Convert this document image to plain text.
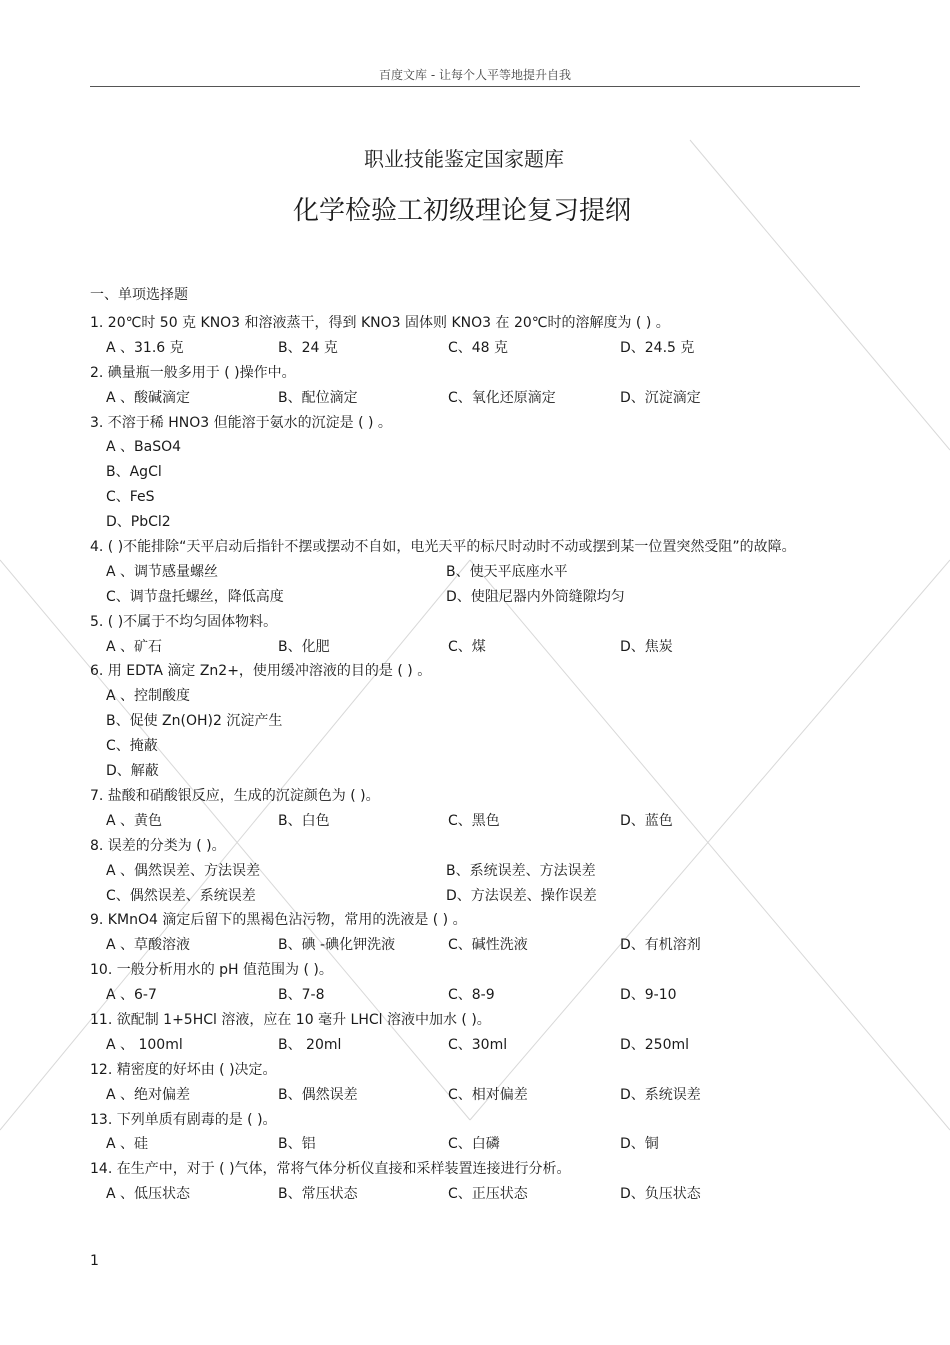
百度文库 - 让每个人平等地提升自我
职业技能鉴定国家题库
化学检验工初级理论复习提纲
一、单项选择题
1. 20℃时 50 克 KNO3 和溶液蒸干，得到 KNO3 固体则 KNO3 在 20℃时的溶解度为 ( ) 。
A 、31.6 克	B、24 克	C、48 克	D、24.5 克
2. 碘量瓶一般多用于 ( )操作中。
A 、酸碱滴定	B、配位滴定	C、氧化还原滴定	D、沉淀滴定
3. 不溶于稀 HNO3 但能溶于氨水的沉淀是 ( ) 。
A 、BaSO4
B、AgCl
C、FeS
D、PbCl2
4. ( )不能排除“天平启动后指针不摆或摆动不自如，电光天平的标尺时动时不动或摆到某一位置突然受阻”的故障。
A 、调节感量螺丝	B、使天平底座水平
C、调节盘托螺丝，降低高度	D、使阻尼器内外筒缝隙均匀
5. ( )不属于不均匀固体物料。
A 、矿石	B、化肥	C、煤	D、焦炭
6. 用 EDTA 滴定 Zn2+，使用缓冲溶液的目的是 ( ) 。
A 、控制酸度
B、促使 Zn(OH)2 沉淀产生
C、掩蔽
D、解蔽
7. 盐酸和硝酸银反应，生成的沉淀颜色为 ( )。
A 、黄色	B、白色	C、黑色	D、蓝色
8. 误差的分类为 ( )。
A 、偶然误差、方法误差	B、系统误差、方法误差
C、偶然误差、系统误差	D、方法误差、操作误差
9. KMnO4 滴定后留下的黑褐色沾污物，常用的洗液是 ( ) 。
A 、草酸溶液	B、碘 -碘化钾洗液	C、碱性洗液	D、有机溶剂
10. 一般分析用水的 pH 值范围为 ( )。
A 、6-7	B、7-8	C、8-9	D、9-10
11. 欲配制 1+5HCl 溶液，应在 10 毫升 LHCl 溶液中加水 ( )。
A 、 100ml	B、 20ml	C、30ml	D、250ml
12. 精密度的好坏由 ( )决定。
A 、绝对偏差	B、偶然误差	C、相对偏差	D、系统误差
13. 下列单质有剧毒的是 ( )。
A 、硅	B、铝	C、白磷	D、铜
14. 在生产中，对于 ( )气体，常将气体分析仪直接和采样装置连接进行分析。
A 、低压状态	B、常压状态	C、正压状态	D、负压状态
1
